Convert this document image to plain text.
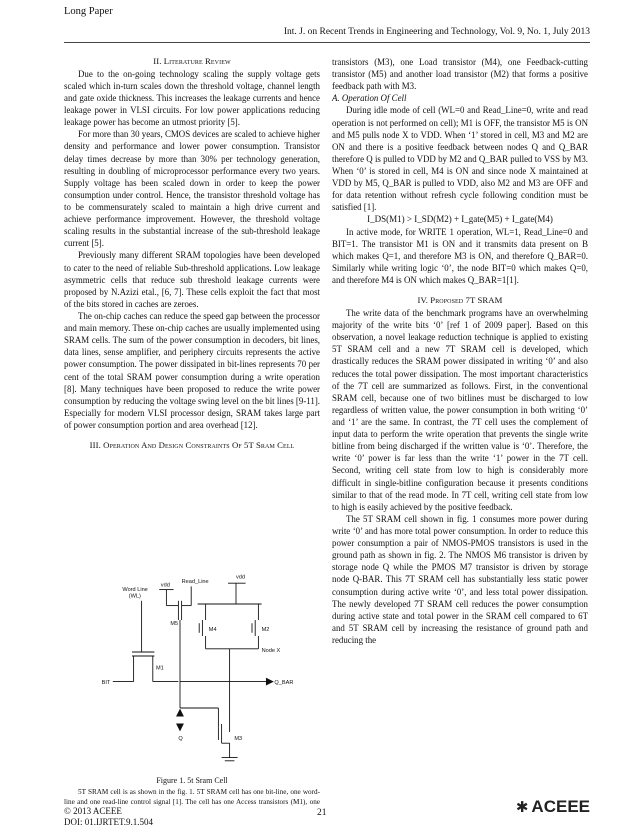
Long Paper
Int. J. on Recent Trends in Engineering and Technology, Vol. 9, No. 1, July 2013

II. Literature Review

Due to the on-going technology scaling the supply voltage gets scaled which in-turn scales down the threshold voltage, channel length and gate oxide thickness. This increases the leakage currents and hence leakage power in VLSI circuits. For low power applications reducing leakage power has become an utmost priority [5].

For more than 30 years, CMOS devices are scaled to achieve higher density and performance and lower power consumption. Transistor delay times decrease by more than 30% per technology generation, resulting in doubling of microprocessor performance every two years. Supply voltage has been scaled down in order to keep the power consumption under control. Hence, the transistor threshold voltage has to be commensurately scaled to maintain a high drive current and achieve performance improvement. However, the threshold voltage scaling results in the substantial increase of the sub-threshold leakage current [5].

Previously many different SRAM topologies have been developed to cater to the need of reliable Sub-threshold applications. Low leakage asymmetric cells that reduce sub threshold leakage currents were proposed by N.Azizi etal., [6, 7]. These cells exploit the fact that most of the bits stored in caches are zeroes.

The on-chip caches can reduce the speed gap between the processor and main memory. These on-chip caches are usually implemented using SRAM cells. The sum of the power consumption in decoders, bit lines, data lines, sense amplifier, and periphery circuits represents the active power consumption. The power dissipated in bit-lines represents 70 per cent of the total SRAM power consumption during a write operation [8]. Many techniques have been proposed to reduce the write power consumption by reducing the voltage swing level on the bit lines [9-11]. Especially for modern VLSI processor design, SRAM takes large part of power consumption portion and area overhead [12].

III. Operation And Design Constraints Of 5T Sram Cell

Word Line
(WL)
M1
BIT
vdd
Read_Line
M5
vdd
M4	M2
Node X
Q_BAR
M3
Q
Figure 1. 5t Sram Cell

transistors (M3), one Load transistor (M4), one Feedback-cutting transistor (M5) and another load transistor (M2) that forms a positive feedback path with M3.

A. Operation Of Cell

During idle mode of cell (WL=0 and Read_Line=0, write and read operation is not performed on cell); M1 is OFF, the transistor M5 is ON and M5 pulls node X to VDD. When ‘1’ stored in cell, M3 and M2 are ON and there is a positive feedback between nodes Q and Q_BAR therefore Q is pulled to VDD by M2 and Q_BAR pulled to VSS by M3. When ‘0’ is stored in cell, M4 is ON and since node X maintained at VDD by M5, Q_BAR is pulled to VDD, also M2 and M3 are OFF and for data retention without refresh cycle following condition must be satisfied [1].

I_DS(M1) > I_SD(M2) + I_gate(M5) + I_gate(M4)

In active mode, for WRITE 1 operation, WL=1, Read_Line=0 and BIT=1. The transistor M1 is ON and it transmits data present on B which makes Q=1, and therefore M3 is ON, and therefore Q_BAR=0. Similarly while writing logic ‘0’, the node BIT=0 which makes Q=0, and therefore M4 is ON which makes Q_BAR=1[1].

IV. Proposed 7T SRAM

The write data of the benchmark programs have an overwhelming majority of the write bits ‘0’ [ref 1 of 2009 paper]. Based on this observation, a novel leakage reduction technique is applied to existing 5T SRAM cell and a new 7T SRAM cell is developed, which drastically reduces the SRAM power dissipated in writing ‘0’ and also reduces the total power dissipation. The most important characteristics of the 7T cell are summarized as follows. First, in the conventional SRAM cell, because one of two bitlines must be discharged to low regardless of written value, the power consumption in both writing ‘0’ and ‘1’ are the same. In contrast, the 7T cell uses the complement of input data to perform the write operation that prevents the single write bitline from being discharged if the written value is ‘0’. Therefore, the write ‘0’ power is far less than the write ‘1’ power in the 7T cell. Second, writing cell state from low to high is considerably more difficult in single-bitline configuration because it presents conditions similar to that of the read mode. In 7T cell, writing cell state from low to high is easily achieved by the positive feedback.

The 5T SRAM cell shown in fig. 1 consumes more power during write ‘0’ and has more total power consumption. In order to reduce this power consumption a pair of NMOS-PMOS transistors is used in the ground path as shown in fig. 2. The NMOS M6 transistor is driven by storage node Q while the PMOS M7 transistor is driven by storage node Q-BAR. This 7T SRAM cell has substantially less static power consumption during active write ‘0’, and less total power dissipation. The newly developed 7T SRAM cell reduces the power consumption during active state and total power in the SRAM cell compared to 6T and 5T SRAM cell by increasing the resistance of ground path and reducing the

5T SRAM cell is as shown in the fig. 1. 5T SRAM cell has one bit-line, one word-line and one read-line control signal [1]. The cell has one Access transistors (M1), one

© 2013 ACEEE
DOI: 01.IJRTET.9.1.504
21	✱ ACEEE
